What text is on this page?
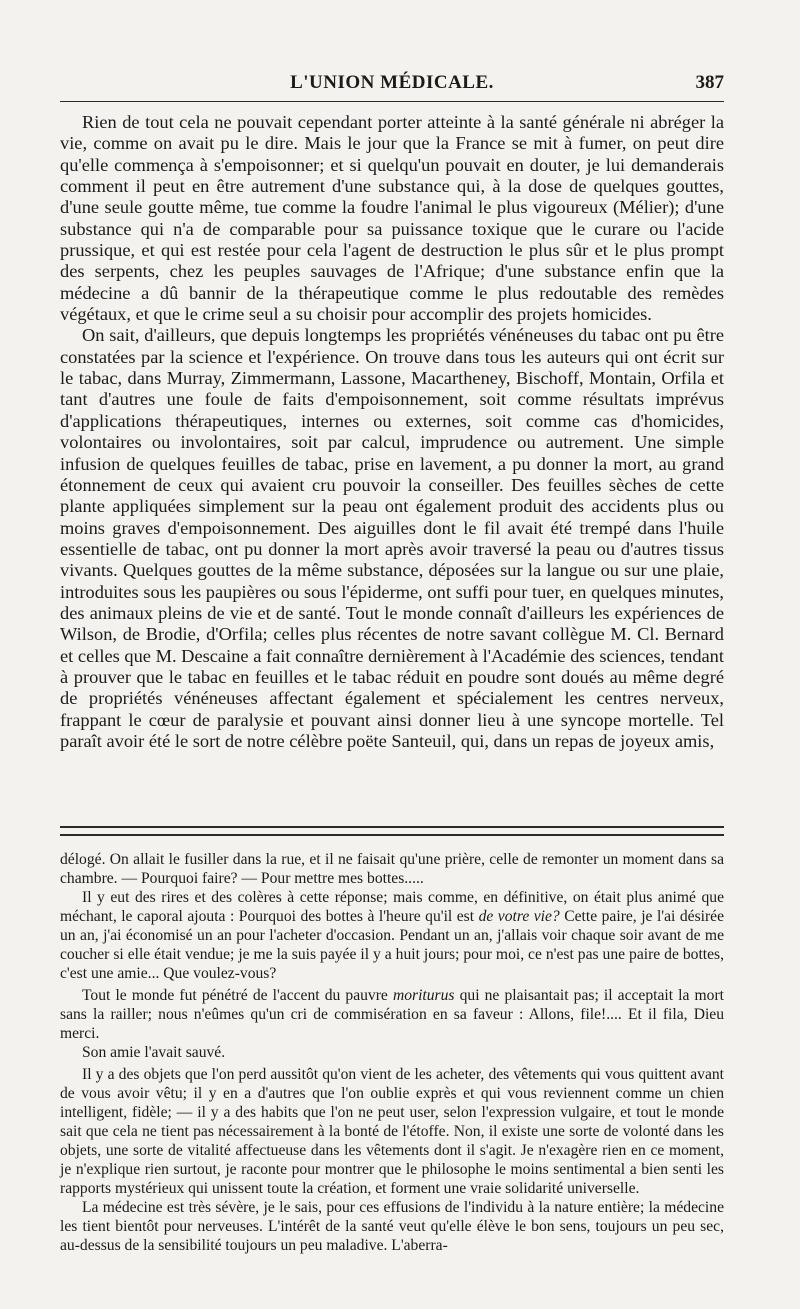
L'UNION MÉDICALE.	387

Rien de tout cela ne pouvait cependant porter atteinte à la santé générale ni abréger la vie, comme on avait pu le dire. Mais le jour que la France se mit à fumer, on peut dire qu'elle commença à s'empoisonner; et si quelqu'un pouvait en douter, je lui demanderais comment il peut en être autrement d'une substance qui, à la dose de quelques gouttes, d'une seule goutte même, tue comme la foudre l'animal le plus vigoureux (Mélier); d'une substance qui n'a de comparable pour sa puissance toxique que le curare ou l'acide prussique, et qui est restée pour cela l'agent de destruction le plus sûr et le plus prompt des serpents, chez les peuples sauvages de l'Afrique; d'une substance enfin que la médecine a dû bannir de la thérapeutique comme le plus redoutable des remèdes végétaux, et que le crime seul a su choisir pour accomplir des projets homicides.

On sait, d'ailleurs, que depuis longtemps les propriétés vénéneuses du tabac ont pu être constatées par la science et l'expérience. On trouve dans tous les auteurs qui ont écrit sur le tabac, dans Murray, Zimmermann, Lassone, Macartheney, Bischoff, Montain, Orfila et tant d'autres une foule de faits d'empoisonnement, soit comme résultats imprévus d'applications thérapeutiques, internes ou externes, soit comme cas d'homicides, volontaires ou involontaires, soit par calcul, imprudence ou autrement. Une simple infusion de quelques feuilles de tabac, prise en lavement, a pu donner la mort, au grand étonnement de ceux qui avaient cru pouvoir la conseiller. Des feuilles sèches de cette plante appliquées simplement sur la peau ont également produit des accidents plus ou moins graves d'empoisonnement. Des aiguilles dont le fil avait été trempé dans l'huile essentielle de tabac, ont pu donner la mort après avoir traversé la peau ou d'autres tissus vivants. Quelques gouttes de la même substance, déposées sur la langue ou sur une plaie, introduites sous les paupières ou sous l'épiderme, ont suffi pour tuer, en quelques minutes, des animaux pleins de vie et de santé. Tout le monde connaît d'ailleurs les expériences de Wilson, de Brodie, d'Orfila; celles plus récentes de notre savant collègue M. Cl. Bernard et celles que M. Descaine a fait connaître dernièrement à l'Académie des sciences, tendant à prouver que le tabac en feuilles et le tabac réduit en poudre sont doués au même degré de propriétés vénéneuses affectant également et spécialement les centres nerveux, frappant le cœur de paralysie et pouvant ainsi donner lieu à une syncope mortelle. Tel paraît avoir été le sort de notre célèbre poëte Santeuil, qui, dans un repas de joyeux amis,

délogé. On allait le fusiller dans la rue, et il ne faisait qu'une prière, celle de remonter un moment dans sa chambre. — Pourquoi faire? — Pour mettre mes bottes.....

Il y eut des rires et des colères à cette réponse; mais comme, en définitive, on était plus animé que méchant, le caporal ajouta : Pourquoi des bottes à l'heure qu'il est de votre vie? Cette paire, je l'ai désirée un an, j'ai économisé un an pour l'acheter d'occasion. Pendant un an, j'allais voir chaque soir avant de me coucher si elle était vendue; je me la suis payée il y a huit jours; pour moi, ce n'est pas une paire de bottes, c'est une amie... Que voulez-vous?

Tout le monde fut pénétré de l'accent du pauvre moriturus qui ne plaisantait pas; il acceptait la mort sans la railler; nous n'eûmes qu'un cri de commisération en sa faveur : Allons, file!.... Et il fila, Dieu merci.

Son amie l'avait sauvé.

Il y a des objets que l'on perd aussitôt qu'on vient de les acheter, des vêtements qui vous quittent avant de vous avoir vêtu; il y en a d'autres que l'on oublie exprès et qui vous reviennent comme un chien intelligent, fidèle; — il y a des habits que l'on ne peut user, selon l'expression vulgaire, et tout le monde sait que cela ne tient pas nécessairement à la bonté de l'étoffe. Non, il existe une sorte de volonté dans les objets, une sorte de vitalité affectueuse dans les vêtements dont il s'agit. Je n'exagère rien en ce moment, je n'explique rien surtout, je raconte pour montrer que le philosophe le moins sentimental a bien senti les rapports mystérieux qui unissent toute la création, et forment une vraie solidarité universelle.

La médecine est très sévère, je le sais, pour ces effusions de l'individu à la nature entière; la médecine les tient bientôt pour nerveuses. L'intérêt de la santé veut qu'elle élève le bon sens, toujours un peu sec, au-dessus de la sensibilité toujours un peu maladive. L'aberra-
